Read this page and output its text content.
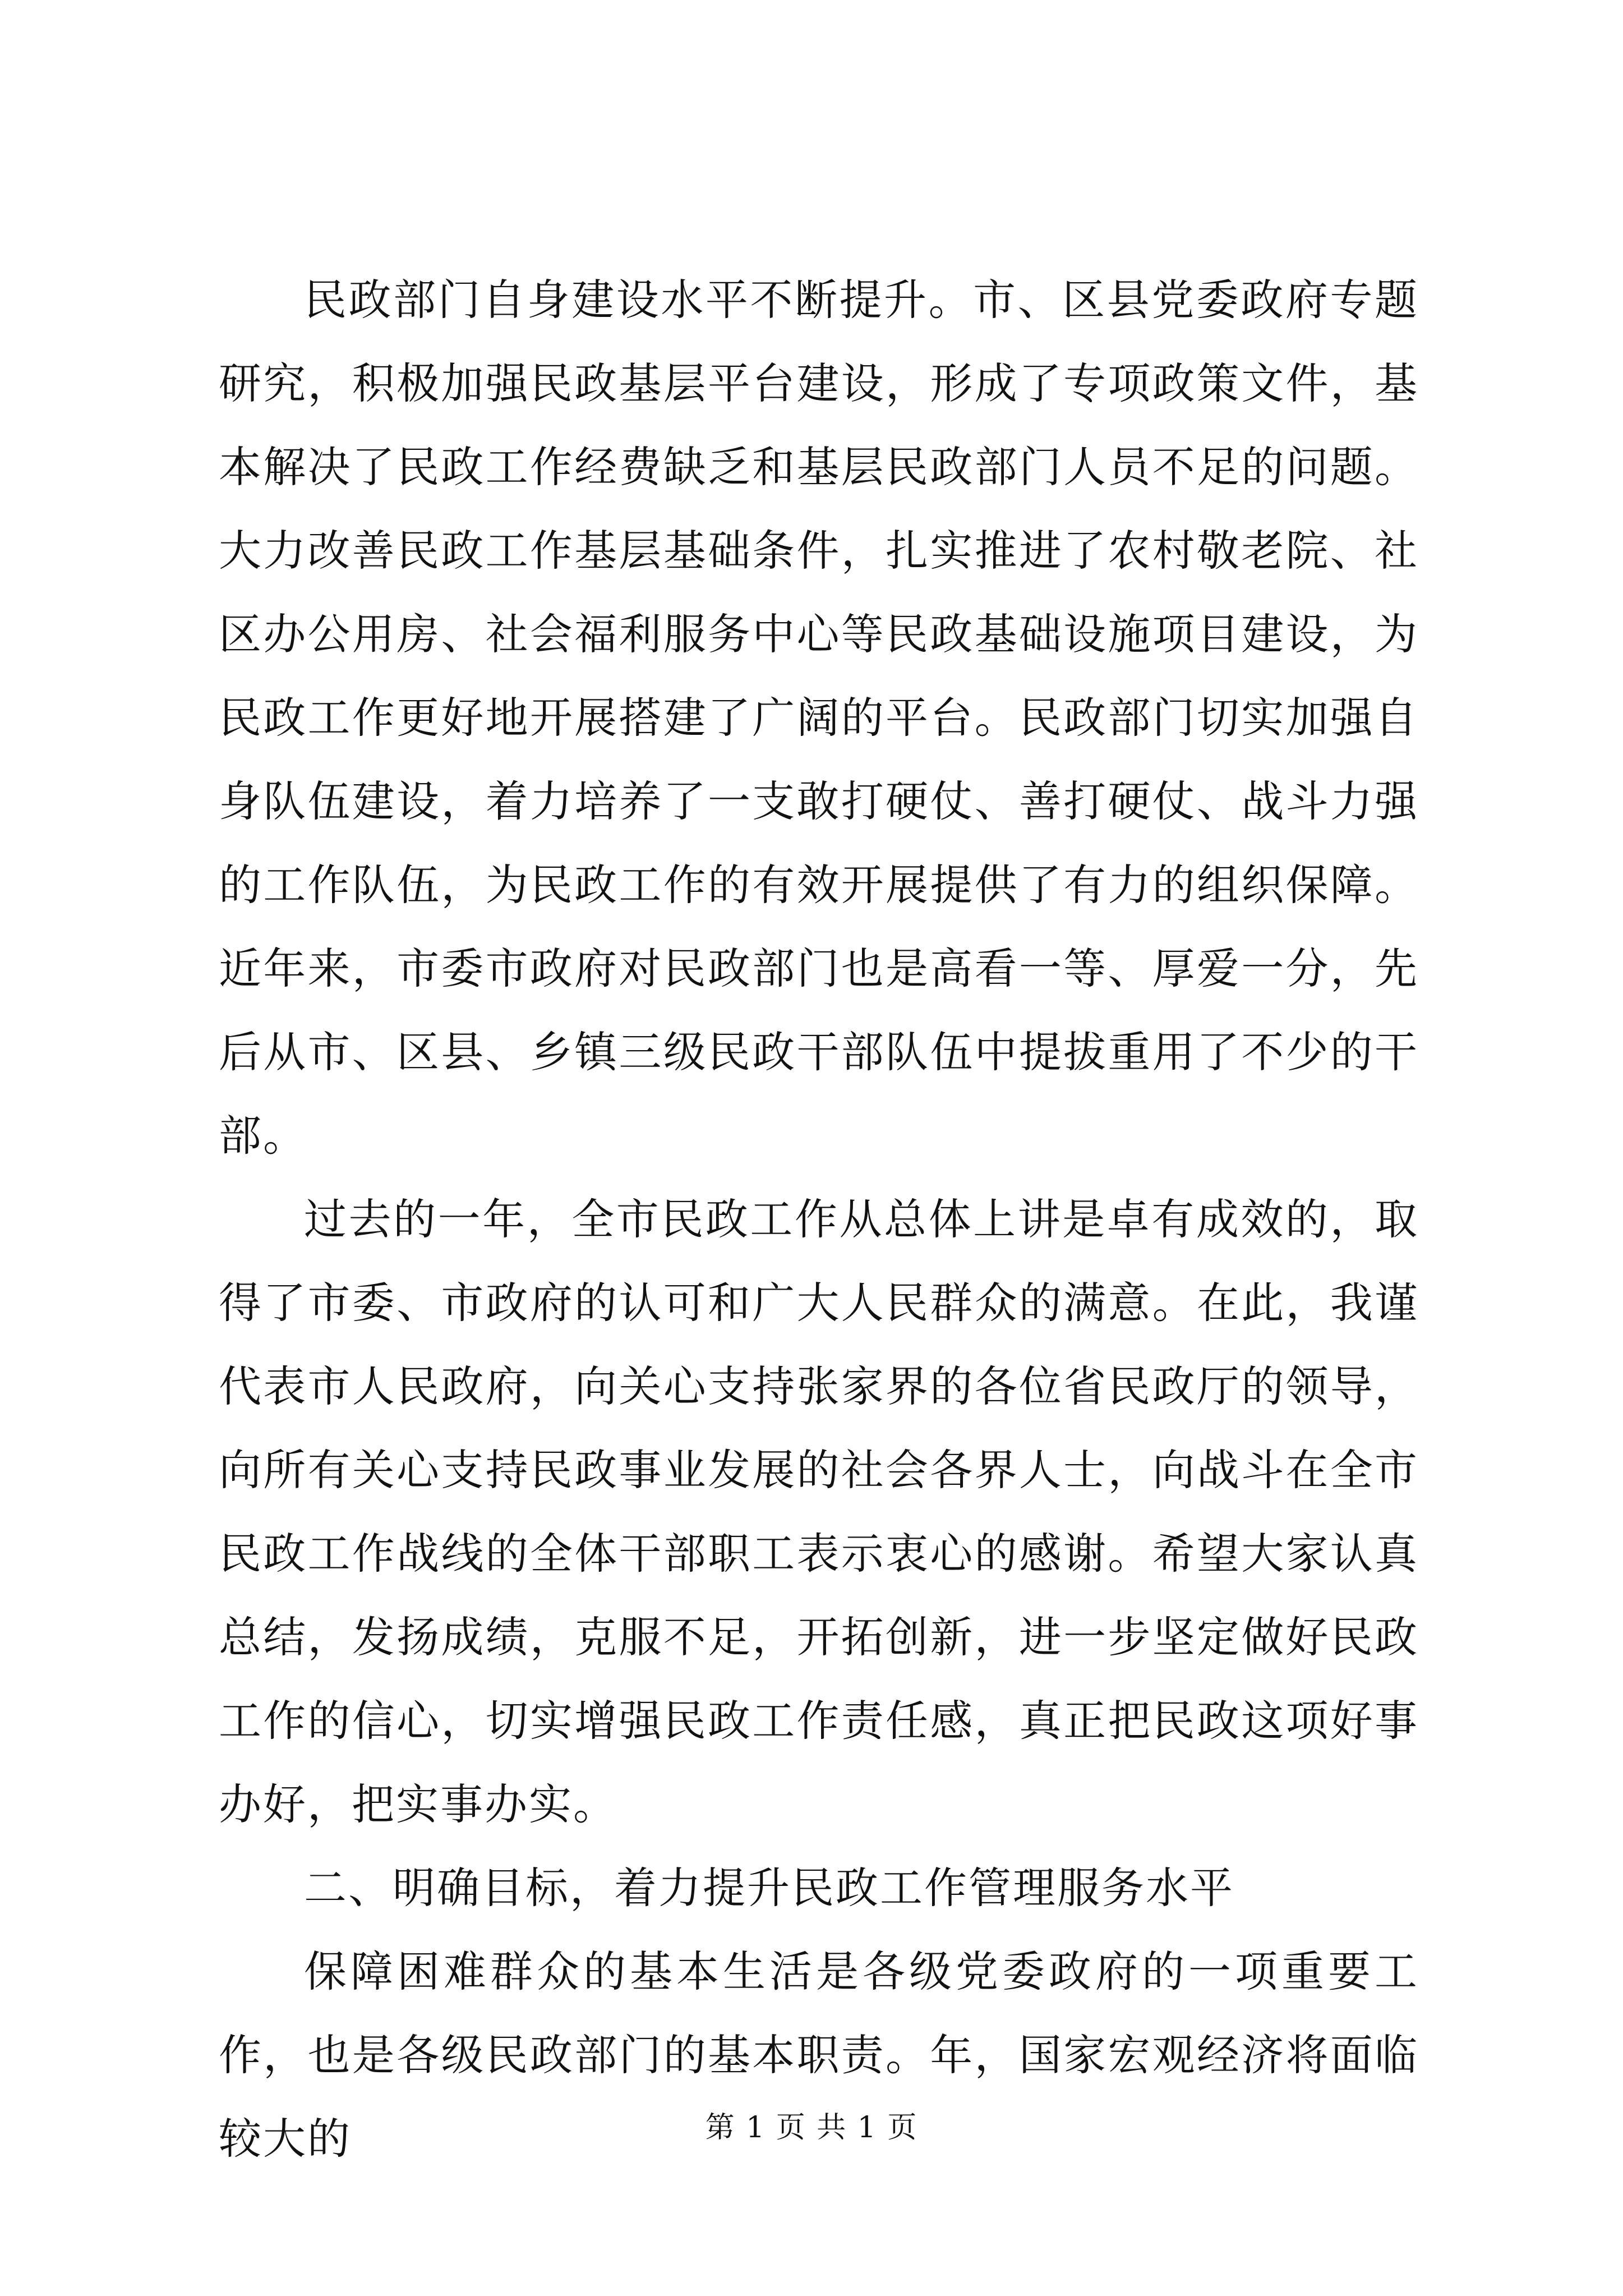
民政部门自身建设水平不断提升。市、区县党委政府专题研究，积极加强民政基层平台建设，形成了专项政策文件，基本解决了民政工作经费缺乏和基层民政部门人员不足的问题。大力改善民政工作基层基础条件，扎实推进了农村敬老院、社区办公用房、社会福利服务中心等民政基础设施项目建设，为民政工作更好地开展搭建了广阔的平台。民政部门切实加强自身队伍建设，着力培养了一支敢打硬仗、善打硬仗、战斗力强的工作队伍，为民政工作的有效开展提供了有力的组织保障。近年来，市委市政府对民政部门也是高看一等、厚爱一分，先后从市、区县、乡镇三级民政干部队伍中提拔重用了不少的干部。

过去的一年，全市民政工作从总体上讲是卓有成效的，取得了市委、市政府的认可和广大人民群众的满意。在此，我谨代表市人民政府，向关心支持张家界的各位省民政厅的领导，向所有关心支持民政事业发展的社会各界人士，向战斗在全市民政工作战线的全体干部职工表示衷心的感谢。希望大家认真总结，发扬成绩，克服不足，开拓创新，进一步坚定做好民政工作的信心，切实增强民政工作责任感，真正把民政这项好事办好，把实事办实。

二、明确目标，着力提升民政工作管理服务水平

保障困难群众的基本生活是各级党委政府的一项重要工作，也是各级民政部门的基本职责。年，国家宏观经济将面临较大的	第 1 页 共 1 页
